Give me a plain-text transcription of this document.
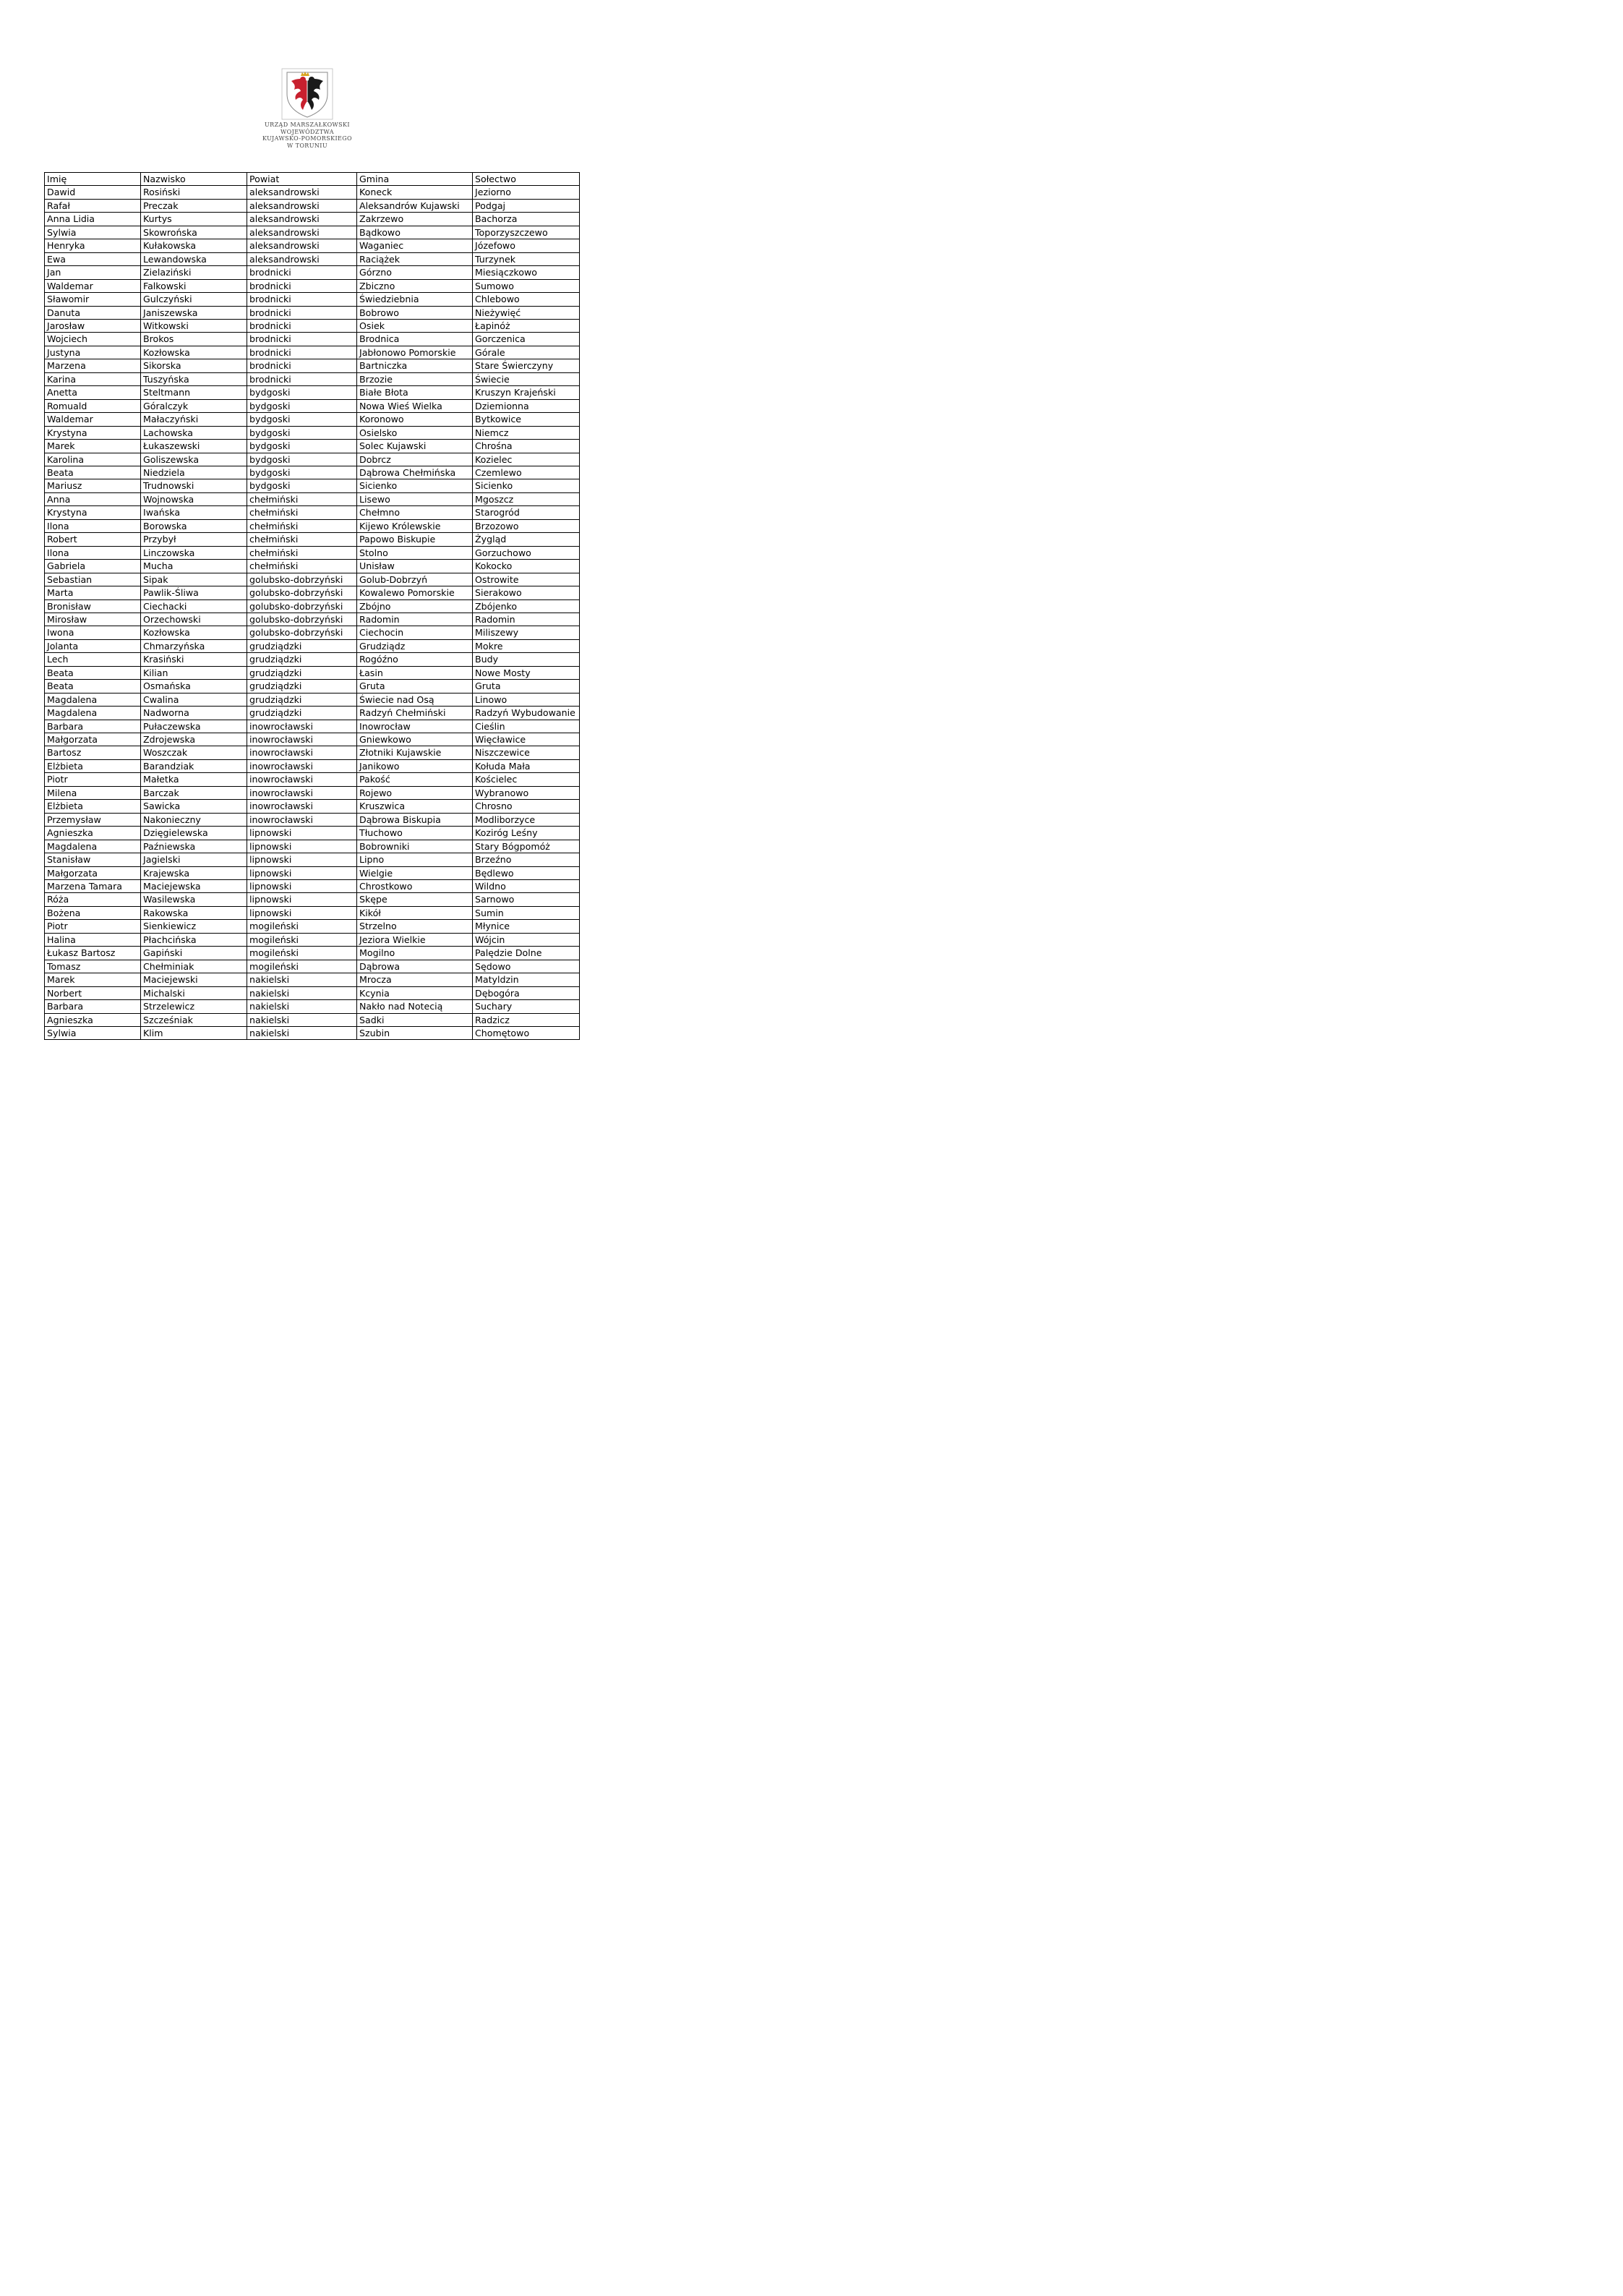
URZĄD MARSZAŁKOWSKI
WOJEWÓDZTWA
KUJAWSKO-POMORSKIEGO
W TORUNIU
Imię	Nazwisko	Powiat	Gmina	Sołectwo
Dawid	Rosiński	aleksandrowski	Koneck	Jeziorno
Rafał	Preczak	aleksandrowski	Aleksandrów Kujawski	Podgaj
Anna Lidia	Kurtys	aleksandrowski	Zakrzewo	Bachorza
Sylwia	Skowrońska	aleksandrowski	Bądkowo	Toporzyszczewo
Henryka	Kułakowska	aleksandrowski	Waganiec	Józefowo
Ewa	Lewandowska	aleksandrowski	Raciążek	Turzynek
Jan	Zielaziński	brodnicki	Górzno	Miesiączkowo
Waldemar	Falkowski	brodnicki	Zbiczno	Sumowo
Sławomir	Gulczyński	brodnicki	Świedziebnia	Chlebowo
Danuta	Janiszewska	brodnicki	Bobrowo	Nieżywięć
Jarosław	Witkowski	brodnicki	Osiek	Łapinóż
Wojciech	Brokos	brodnicki	Brodnica	Gorczenica
Justyna	Kozłowska	brodnicki	Jabłonowo Pomorskie	Górale
Marzena	Sikorska	brodnicki	Bartniczka	Stare Świerczyny
Karina	Tuszyńska	brodnicki	Brzozie	Świecie
Anetta	Steltmann	bydgoski	Białe Błota	Kruszyn Krajeński
Romuald	Góralczyk	bydgoski	Nowa Wieś Wielka	Dziemionna
Waldemar	Małaczyński	bydgoski	Koronowo	Bytkowice
Krystyna	Lachowska	bydgoski	Osielsko	Niemcz
Marek	Łukaszewski	bydgoski	Solec Kujawski	Chrośna
Karolina	Goliszewska	bydgoski	Dobrcz	Kozielec
Beata	Niedziela	bydgoski	Dąbrowa Chełmińska	Czemlewo
Mariusz	Trudnowski	bydgoski	Sicienko	Sicienko
Anna	Wojnowska	chełmiński	Lisewo	Mgoszcz
Krystyna	Iwańska	chełmiński	Chełmno	Starogród
Ilona	Borowska	chełmiński	Kijewo Królewskie	Brzozowo
Robert	Przybył	chełmiński	Papowo Biskupie	Żygląd
Ilona	Linczowska	chełmiński	Stolno	Gorzuchowo
Gabriela	Mucha	chełmiński	Unisław	Kokocko
Sebastian	Sipak	golubsko-dobrzyński	Golub-Dobrzyń	Ostrowite
Marta	Pawlik-Śliwa	golubsko-dobrzyński	Kowalewo Pomorskie	Sierakowo
Bronisław	Ciechacki	golubsko-dobrzyński	Zbójno	Zbójenko
Mirosław	Orzechowski	golubsko-dobrzyński	Radomin	Radomin
Iwona	Kozłowska	golubsko-dobrzyński	Ciechocin	Miliszewy
Jolanta	Chmarzyńska	grudziądzki	Grudziądz	Mokre
Lech	Krasiński	grudziądzki	Rogóźno	Budy
Beata	Kilian	grudziądzki	Łasin	Nowe Mosty
Beata	Osmańska	grudziądzki	Gruta	Gruta
Magdalena	Cwalina	grudziądzki	Świecie nad Osą	Linowo
Magdalena	Nadworna	grudziądzki	Radzyń Chełmiński	Radzyń Wybudowanie
Barbara	Pułaczewska	inowrocławski	Inowrocław	Cieślin
Małgorzata	Zdrojewska	inowrocławski	Gniewkowo	Więcławice
Bartosz	Woszczak	inowrocławski	Złotniki Kujawskie	Niszczewice
Elżbieta	Barandziak	inowrocławski	Janikowo	Kołuda Mała
Piotr	Małetka	inowrocławski	Pakość	Kościelec
Milena	Barczak	inowrocławski	Rojewo	Wybranowo
Elżbieta	Sawicka	inowrocławski	Kruszwica	Chrosno
Przemysław	Nakonieczny	inowrocławski	Dąbrowa Biskupia	Modliborzyce
Agnieszka	Dzięgielewska	lipnowski	Tłuchowo	Koziróg Leśny
Magdalena	Paźniewska	lipnowski	Bobrowniki	Stary Bógpomóż
Stanisław	Jagielski	lipnowski	Lipno	Brzeźno
Małgorzata	Krajewska	lipnowski	Wielgie	Będlewo
Marzena Tamara	Maciejewska	lipnowski	Chrostkowo	Wildno
Róża	Wasilewska	lipnowski	Skępe	Sarnowo
Bożena	Rakowska	lipnowski	Kikół	Sumin
Piotr	Sienkiewicz	mogileński	Strzelno	Młynice
Halina	Płachcińska	mogileński	Jeziora Wielkie	Wójcin
Łukasz Bartosz	Gapiński	mogileński	Mogilno	Palędzie Dolne
Tomasz	Chełminiak	mogileński	Dąbrowa	Sędowo
Marek	Maciejewski	nakielski	Mrocza	Matyldzin
Norbert	Michalski	nakielski	Kcynia	Dębogóra
Barbara	Strzelewicz	nakielski	Nakło nad Notecią	Suchary
Agnieszka	Szcześniak	nakielski	Sadki	Radzicz
Sylwia	Klim	nakielski	Szubin	Chomętowo
